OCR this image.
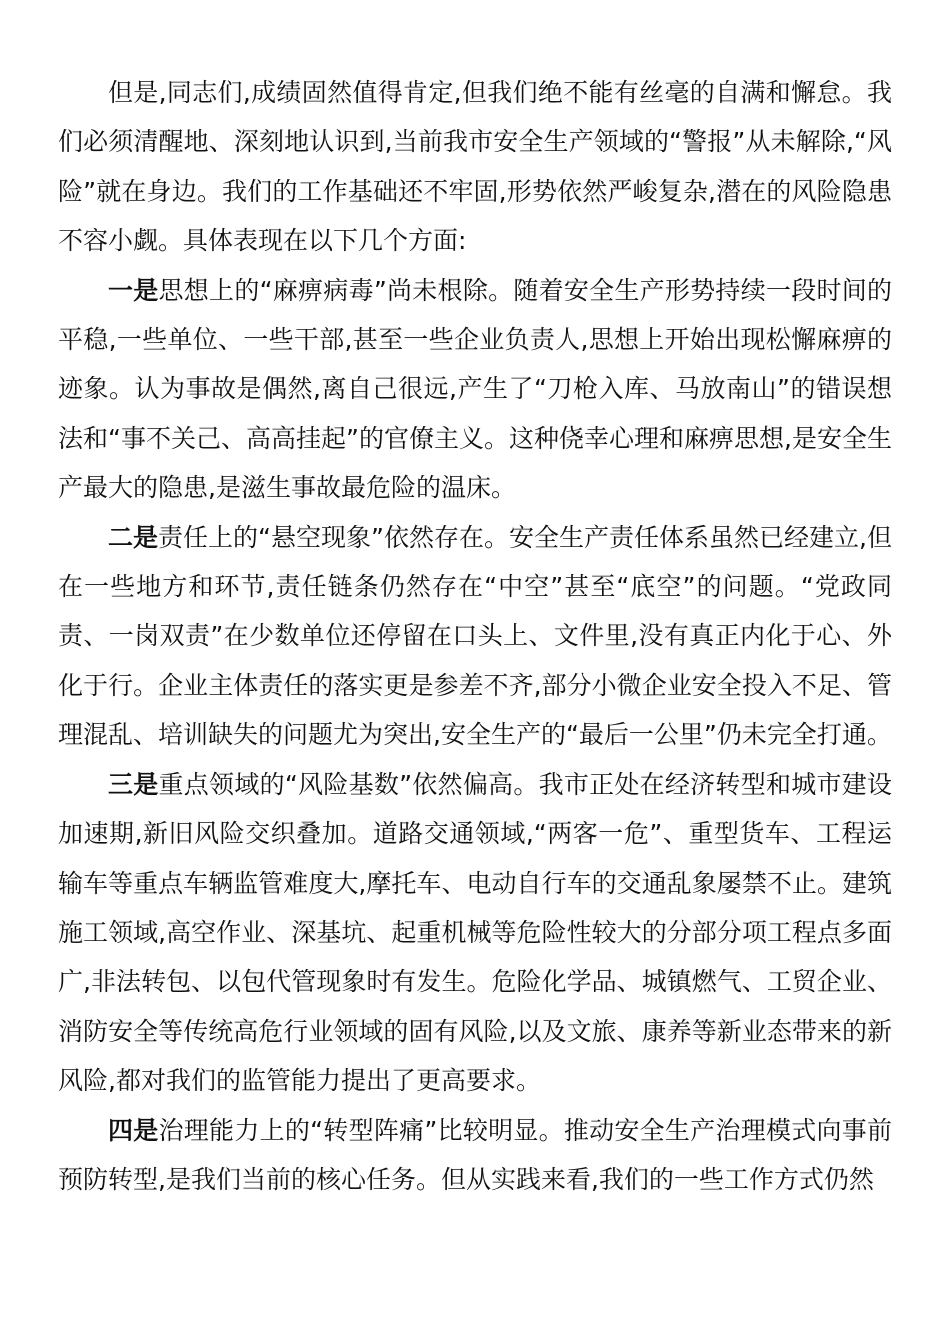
但是,同志们,成绩固然值得肯定,但我们绝不能有丝毫的自满和懈怠。我们必须清醒地、深刻地认识到,当前我市安全生产领域的“警报”从未解除,“风险”就在身边。我们的工作基础还不牢固,形势依然严峻复杂,潜在的风险隐患不容小觑。具体表现在以下几个方面:

一是思想上的“麻痹病毒”尚未根除。随着安全生产形势持续一段时间的平稳,一些单位、一些干部,甚至一些企业负责人,思想上开始出现松懈麻痹的迹象。认为事故是偶然,离自己很远,产生了“刀枪入库、马放南山”的错误想法和“事不关己、高高挂起”的官僚主义。这种侥幸心理和麻痹思想,是安全生产最大的隐患,是滋生事故最危险的温床。

二是责任上的“悬空现象”依然存在。安全生产责任体系虽然已经建立,但在一些地方和环节,责任链条仍然存在“中空”甚至“底空”的问题。“党政同责、一岗双责”在少数单位还停留在口头上、文件里,没有真正内化于心、外化于行。企业主体责任的落实更是参差不齐,部分小微企业安全投入不足、管理混乱、培训缺失的问题尤为突出,安全生产的“最后一公里”仍未完全打通。

三是重点领域的“风险基数”依然偏高。我市正处在经济转型和城市建设加速期,新旧风险交织叠加。道路交通领域,“两客一危”、重型货车、工程运输车等重点车辆监管难度大,摩托车、电动自行车的交通乱象屡禁不止。建筑施工领域,高空作业、深基坑、起重机械等危险性较大的分部分项工程点多面广,非法转包、以包代管现象时有发生。危险化学品、城镇燃气、工贸企业、消防安全等传统高危行业领域的固有风险,以及文旅、康养等新业态带来的新风险,都对我们的监管能力提出了更高要求。

四是治理能力上的“转型阵痛”比较明显。推动安全生产治理模式向事前预防转型,是我们当前的核心任务。但从实践来看,我们的一些工作方式仍然
